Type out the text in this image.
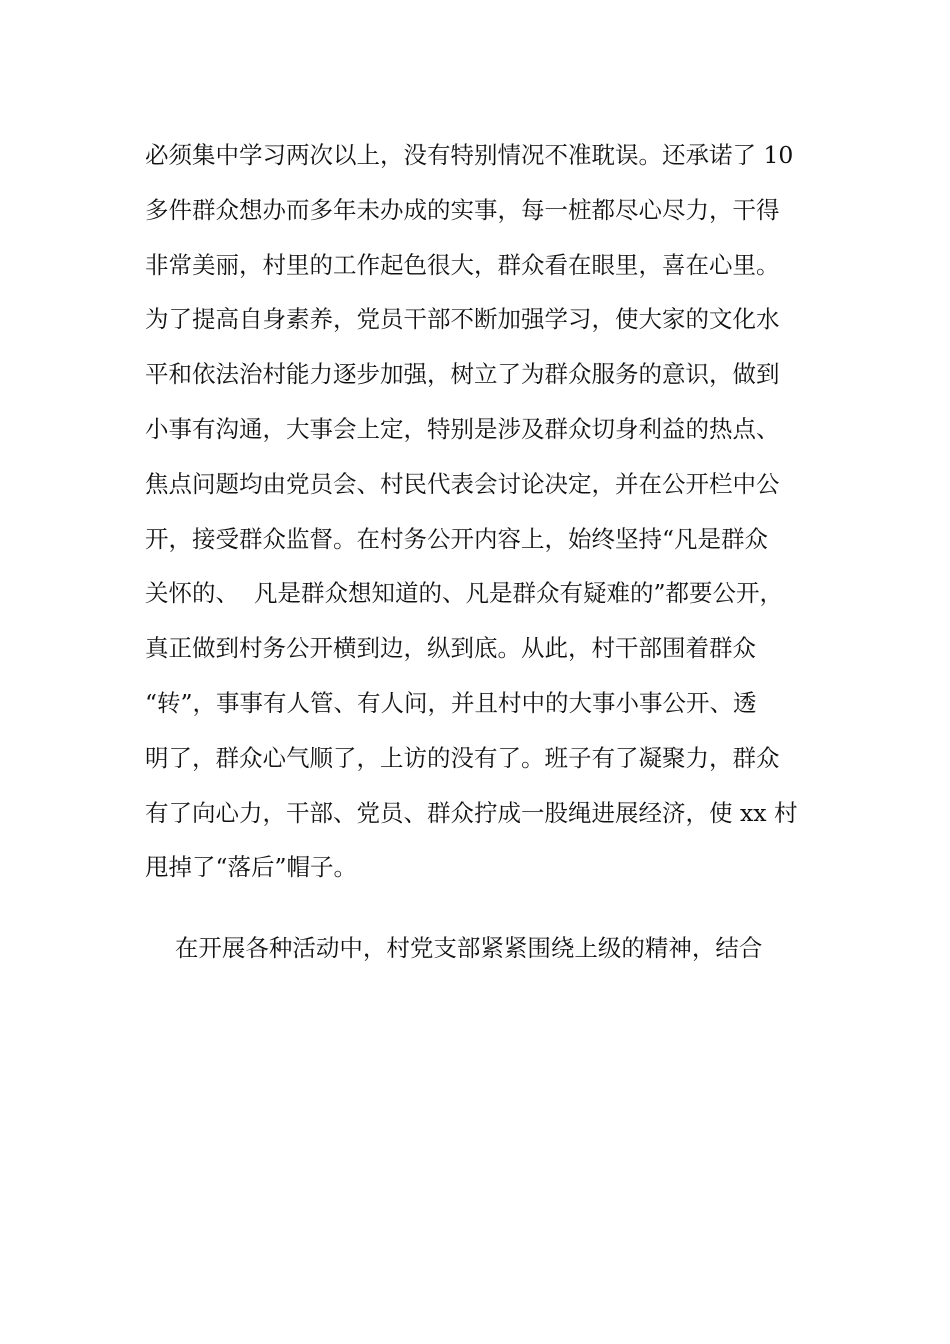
必须集中学习两次以上，没有特别情况不准耽误。还承诺了 10
多件群众想办而多年未办成的实事，每一桩都尽心尽力，干得
非常美丽，村里的工作起色很大，群众看在眼里，喜在心里。
为了提高自身素养，党员干部不断加强学习，使大家的文化水
平和依法治村能力逐步加强，树立了为群众服务的意识，做到
小事有沟通，大事会上定，特别是涉及群众切身利益的热点、
焦点问题均由党员会、村民代表会讨论决定，并在公开栏中公
开，接受群众监督。在村务公开内容上，始终坚持“凡是群众
关怀的、  凡是群众想知道的、凡是群众有疑难的”都要公开，
真正做到村务公开横到边，纵到底。从此，村干部围着群众
“转”，事事有人管、有人问，并且村中的大事小事公开、透
明了，群众心气顺了，上访的没有了。班子有了凝聚力，群众
有了向心力，干部、党员、群众拧成一股绳进展经济，使 xx 村
甩掉了“落后”帽子。
在开展各种活动中，村党支部紧紧围绕上级的精神，结合
